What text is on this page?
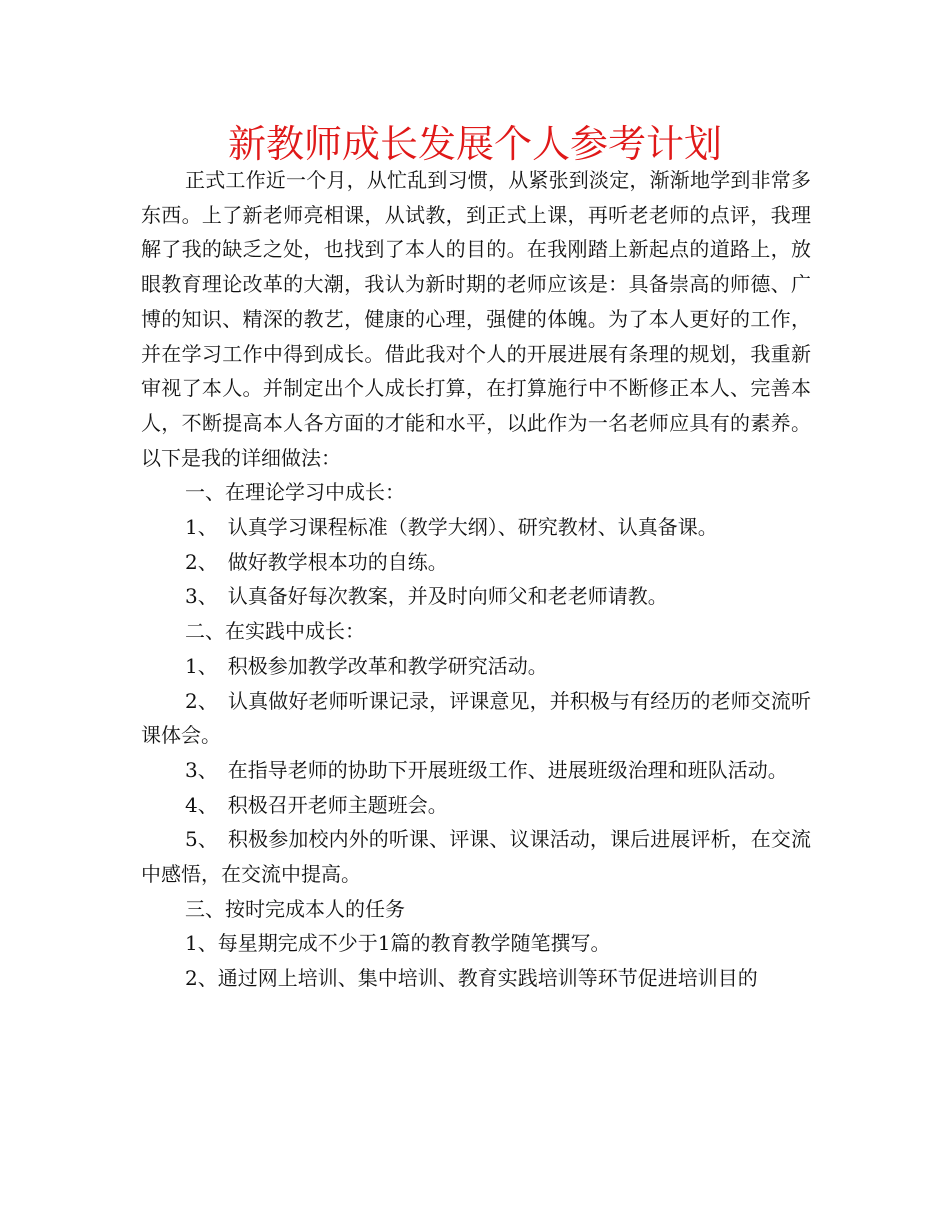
新教师成长发展个人参考计划

正式工作近一个月，从忙乱到习惯，从紧张到淡定，渐渐地学到非常多东西。上了新老师亮相课，从试教，到正式上课，再听老老师的点评，我理解了我的缺乏之处，也找到了本人的目的。在我刚踏上新起点的道路上，放眼教育理论改革的大潮，我认为新时期的老师应该是：具备崇高的师德、广博的知识、精深的教艺，健康的心理，强健的体魄。为了本人更好的工作，并在学习工作中得到成长。借此我对个人的开展进展有条理的规划，我重新审视了本人。并制定出个人成长打算，在打算施行中不断修正本人、完善本人，不断提高本人各方面的才能和水平，以此作为一名老师应具有的素养。以下是我的详细做法：

一、在理论学习中成长：

1、　认真学习课程标准（教学大纲）、研究教材、认真备课。

2、　做好教学根本功的自练。

3、　认真备好每次教案，并及时向师父和老老师请教。

二、在实践中成长：

1、　积极参加教学改革和教学研究活动。

2、　认真做好老师听课记录，评课意见，并积极与有经历的老师交流听课体会。

3、　在指导老师的协助下开展班级工作、进展班级治理和班队活动。

4、　积极召开老师主题班会。

5、　积极参加校内外的听课、评课、议课活动，课后进展评析，在交流中感悟，在交流中提高。

三、按时完成本人的任务

1、每星期完成不少于1篇的教育教学随笔撰写。

2、通过网上培训、集中培训、教育实践培训等环节促进培训目的
